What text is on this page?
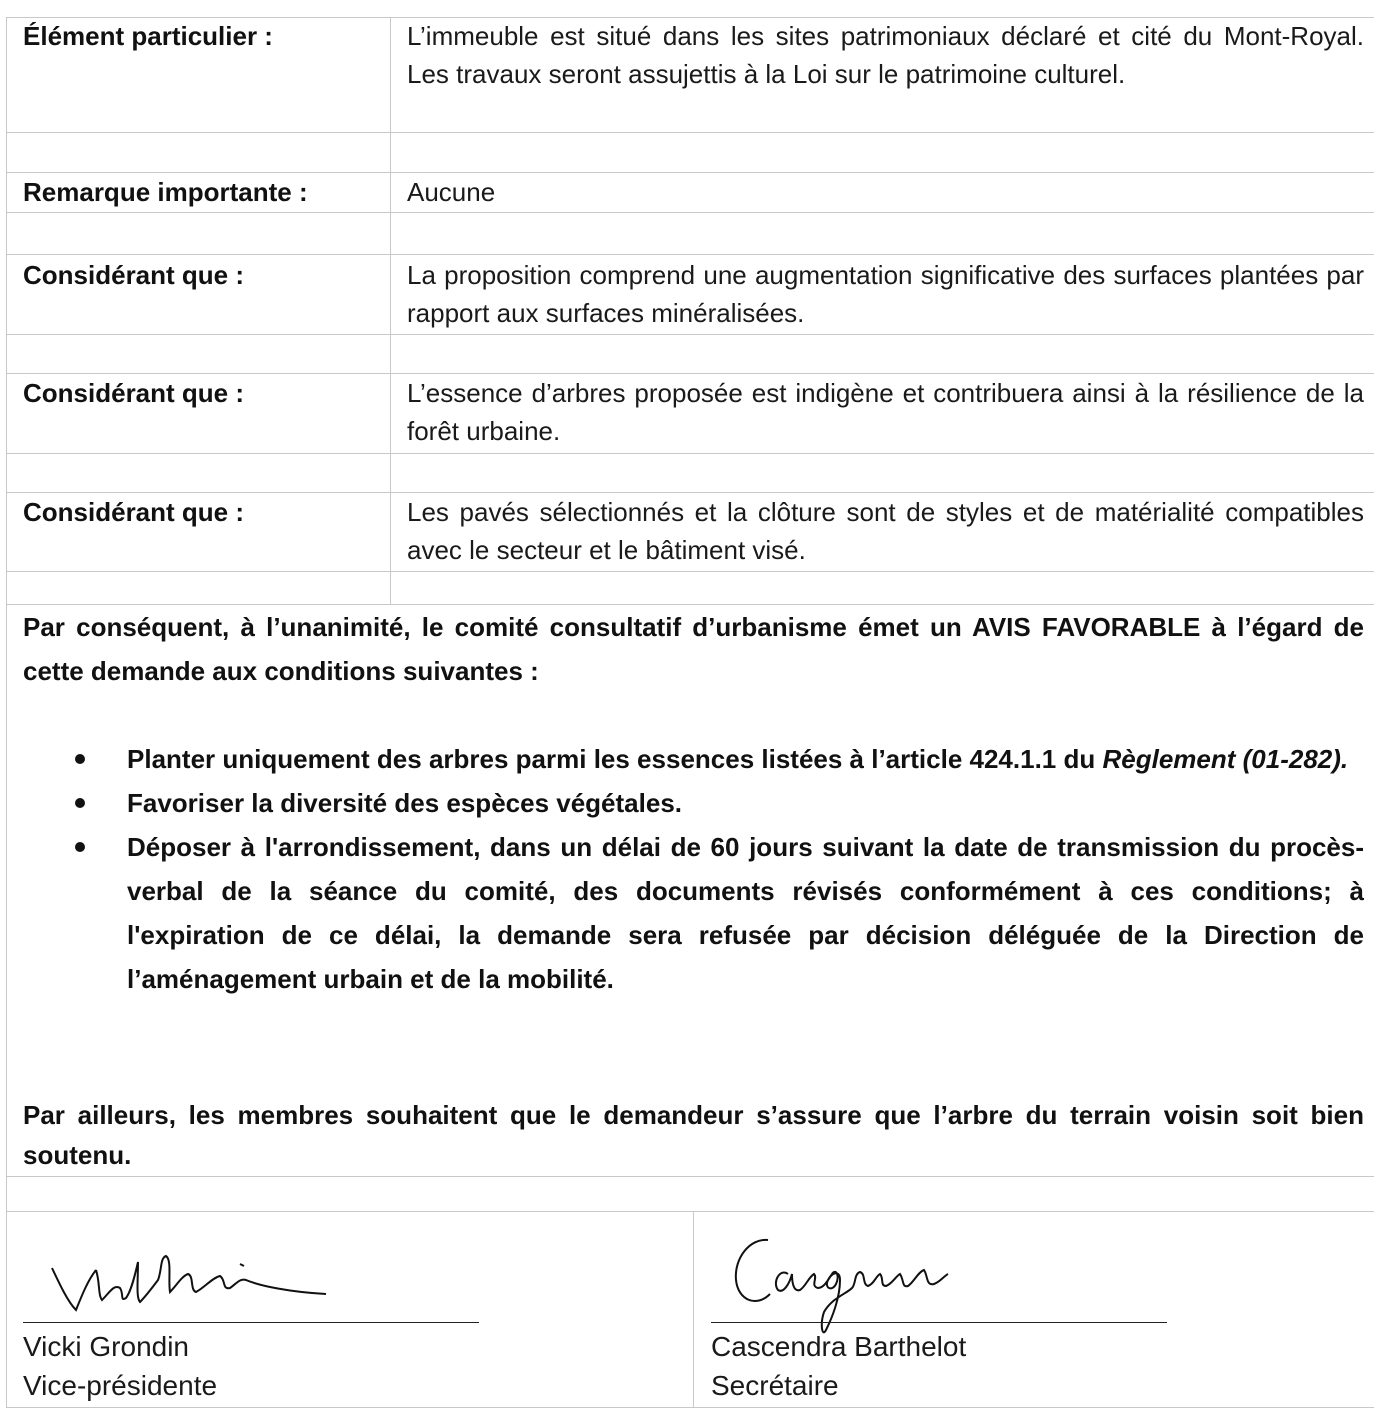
Élément particulier :	L’immeuble est situé dans les sites patrimoniaux déclaré et cité du Mont-Royal. Les travaux seront assujettis à la Loi sur le patrimoine culturel.
Remarque importante :	Aucune
Considérant que :	La proposition comprend une augmentation significative des surfaces plantées par rapport aux surfaces minéralisées.
Considérant que :	L’essence d’arbres proposée est indigène et contribuera ainsi à la résilience de la forêt urbaine.
Considérant que :	Les pavés sélectionnés et la clôture sont de styles et de matérialité compatibles avec le secteur et le bâtiment visé.
Par conséquent, à l’unanimité, le comité consultatif d’urbanisme émet un AVIS FAVORABLE à l’égard de cette demande aux conditions suivantes :
Planter uniquement des arbres parmi les essences listées à l’article 424.1.1 du Règlement (01-282).
Favoriser la diversité des espèces végétales.
Déposer à l'arrondissement, dans un délai de 60 jours suivant la date de transmission du procès-verbal de la séance du comité, des documents révisés conformément à ces conditions; à l'expiration de ce délai, la demande sera refusée par décision déléguée de la Direction de l’aménagement urbain et de la mobilité.
Par ailleurs, les membres souhaitent que le demandeur s’assure que l’arbre du terrain voisin soit bien soutenu.
Vicki Grondin
Vice-présidente
Cascendra Barthelot
Secrétaire
